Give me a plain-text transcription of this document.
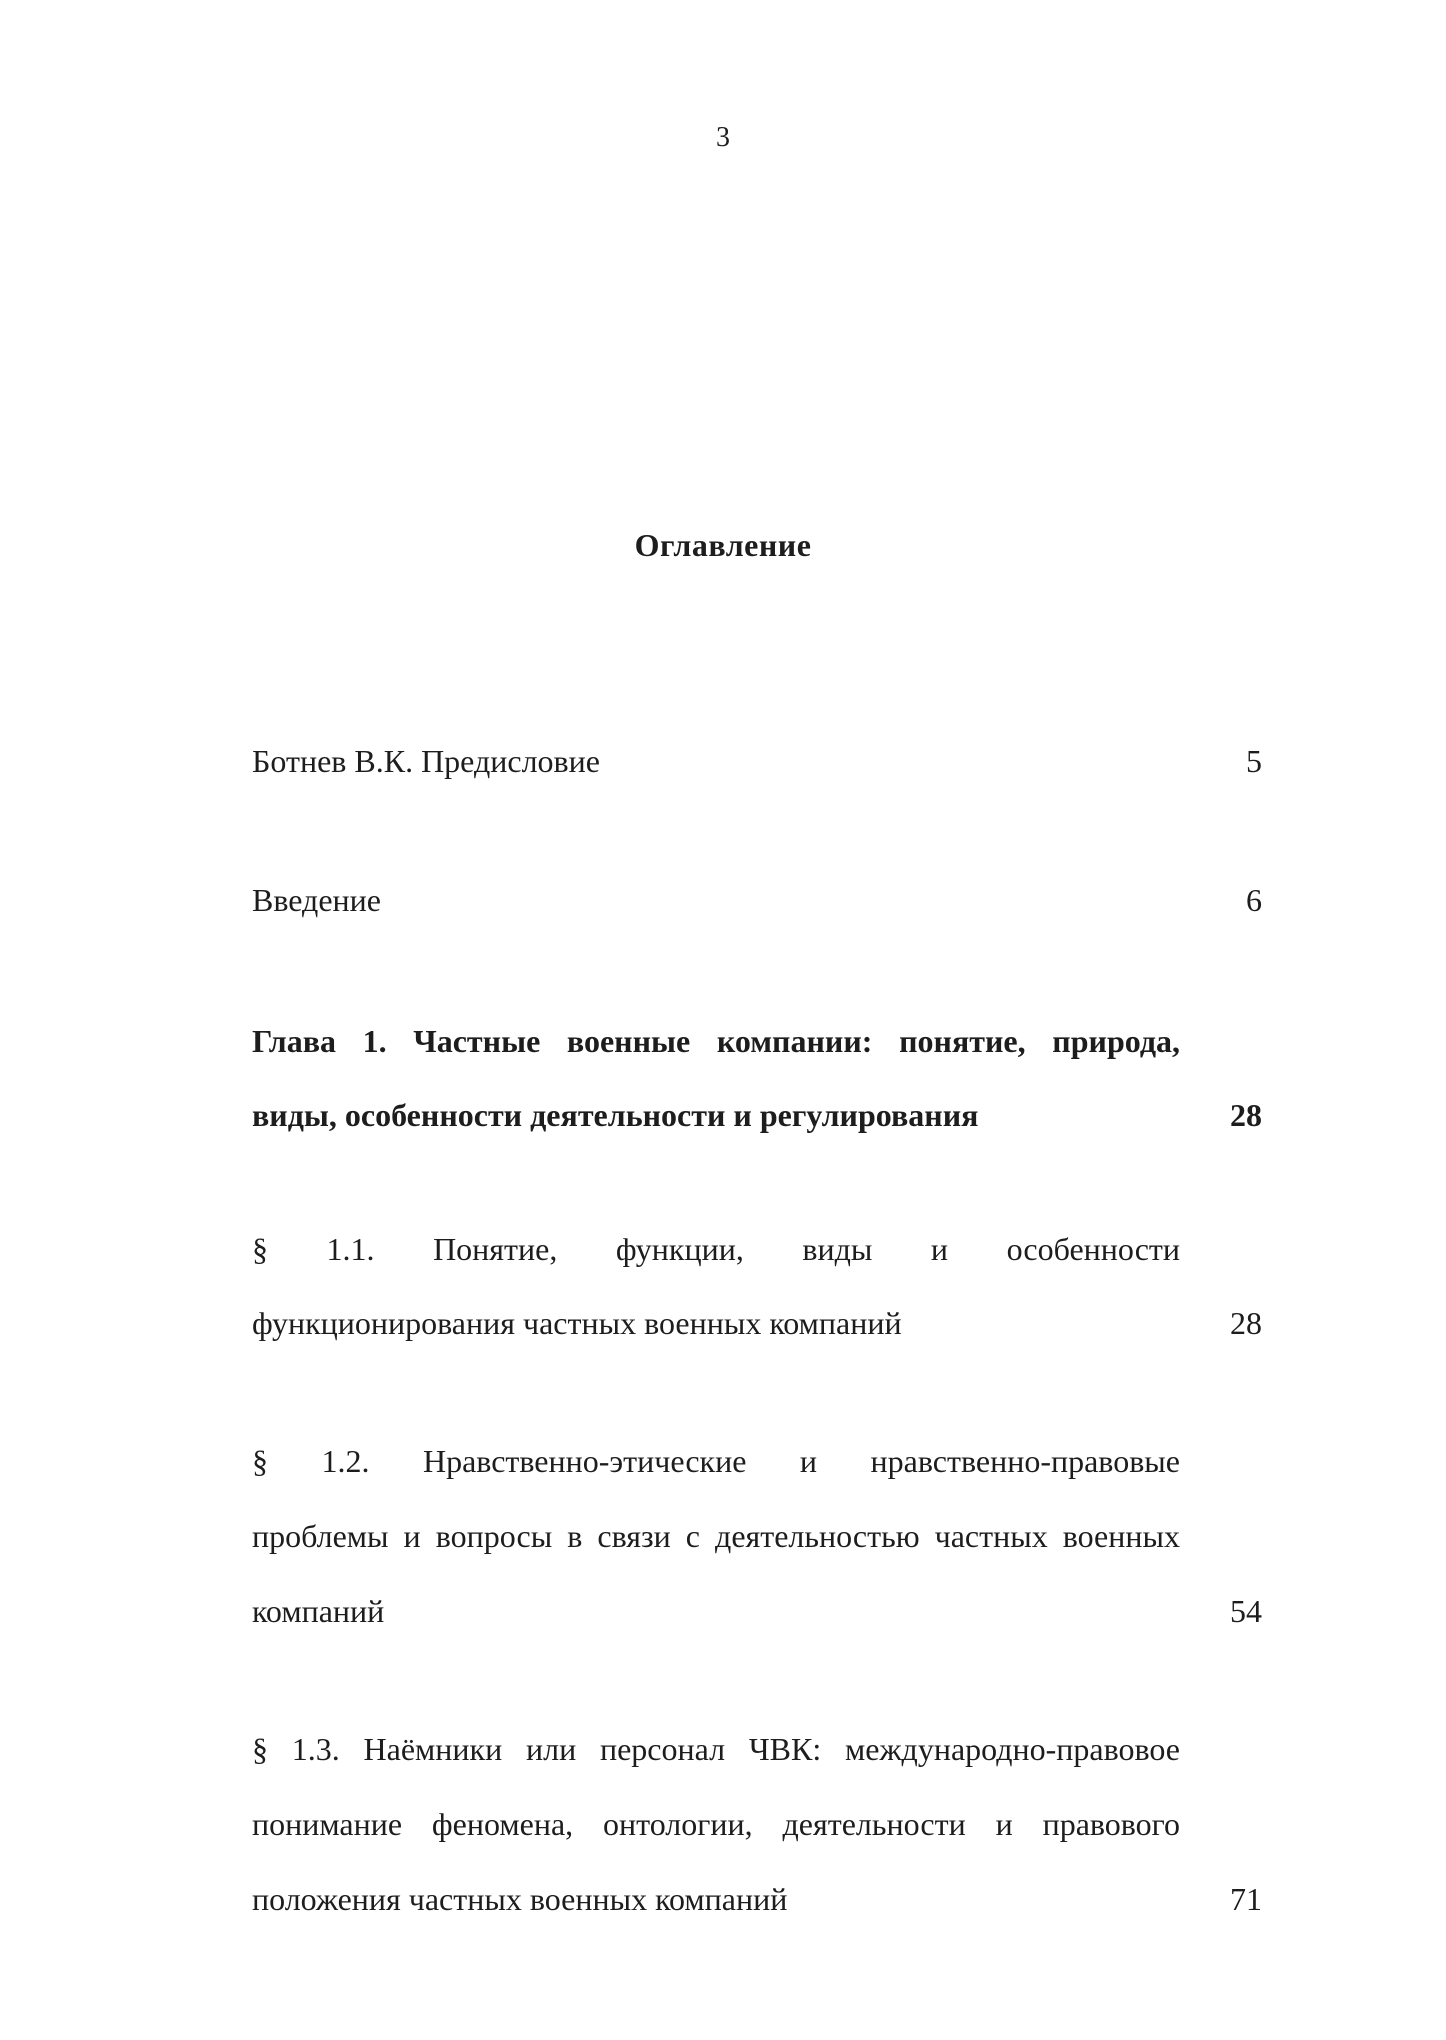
3
Оглавление
Ботнев В.К. Предисловие	5
Введение	6
Глава 1. Частные военные компании: понятие, природа,
виды, особенности деятельности и регулирования	28
§ 1.1. Понятие, функции, виды и особенности
функционирования частных военных компаний	28
§ 1.2. Нравственно-этические и нравственно-правовые
проблемы и вопросы в связи с деятельностью частных военных
компаний	54
§ 1.3. Наёмники или персонал ЧВК: международно-правовое
понимание феномена, онтологии, деятельности и правового
положения частных военных компаний	71
